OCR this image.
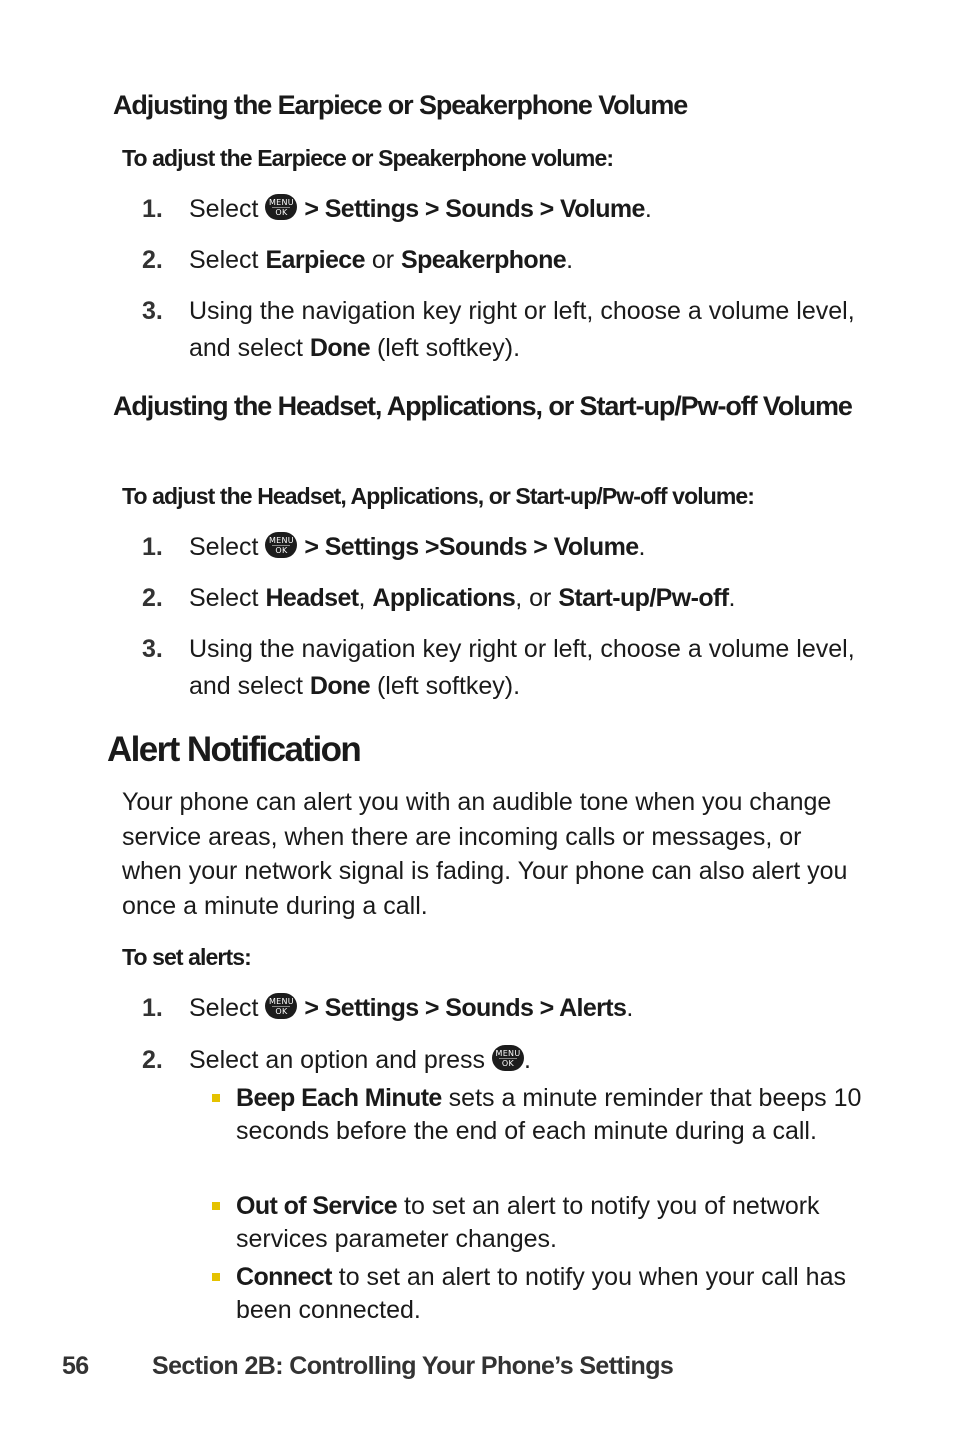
Adjusting the Earpiece or Speakerphone Volume
To adjust the Earpiece or Speakerphone volume:
1. Select MENU
OK > Settings > Sounds > Volume.
2. Select Earpiece or Speakerphone.
3. Using the navigation key right or left, choose a volume level, and select Done (left softkey).
Adjusting the Headset, Applications, or Start-up/Pw-off Volume
To adjust the Headset, Applications, or Start-up/Pw-off volume:
1. Select MENU
OK > Settings >Sounds > Volume.
2. Select Headset, Applications, or Start-up/Pw-off.
3. Using the navigation key right or left, choose a volume level, and select Done (left softkey).
Alert Notification
Your phone can alert you with an audible tone when you change service areas, when there are incoming calls or messages, or when your network signal is fading. Your phone can also alert you once a minute during a call.
To set alerts:
1. Select MENU
OK > Settings > Sounds > Alerts.
2. Select an option and press MENU
OK .
Beep Each Minute sets a minute reminder that beeps 10 seconds before the end of each minute during a call.
Out of Service to set an alert to notify you of network services parameter changes.
Connect to set an alert to notify you when your call has been connected.
56	Section 2B: Controlling Your Phone’s Settings
